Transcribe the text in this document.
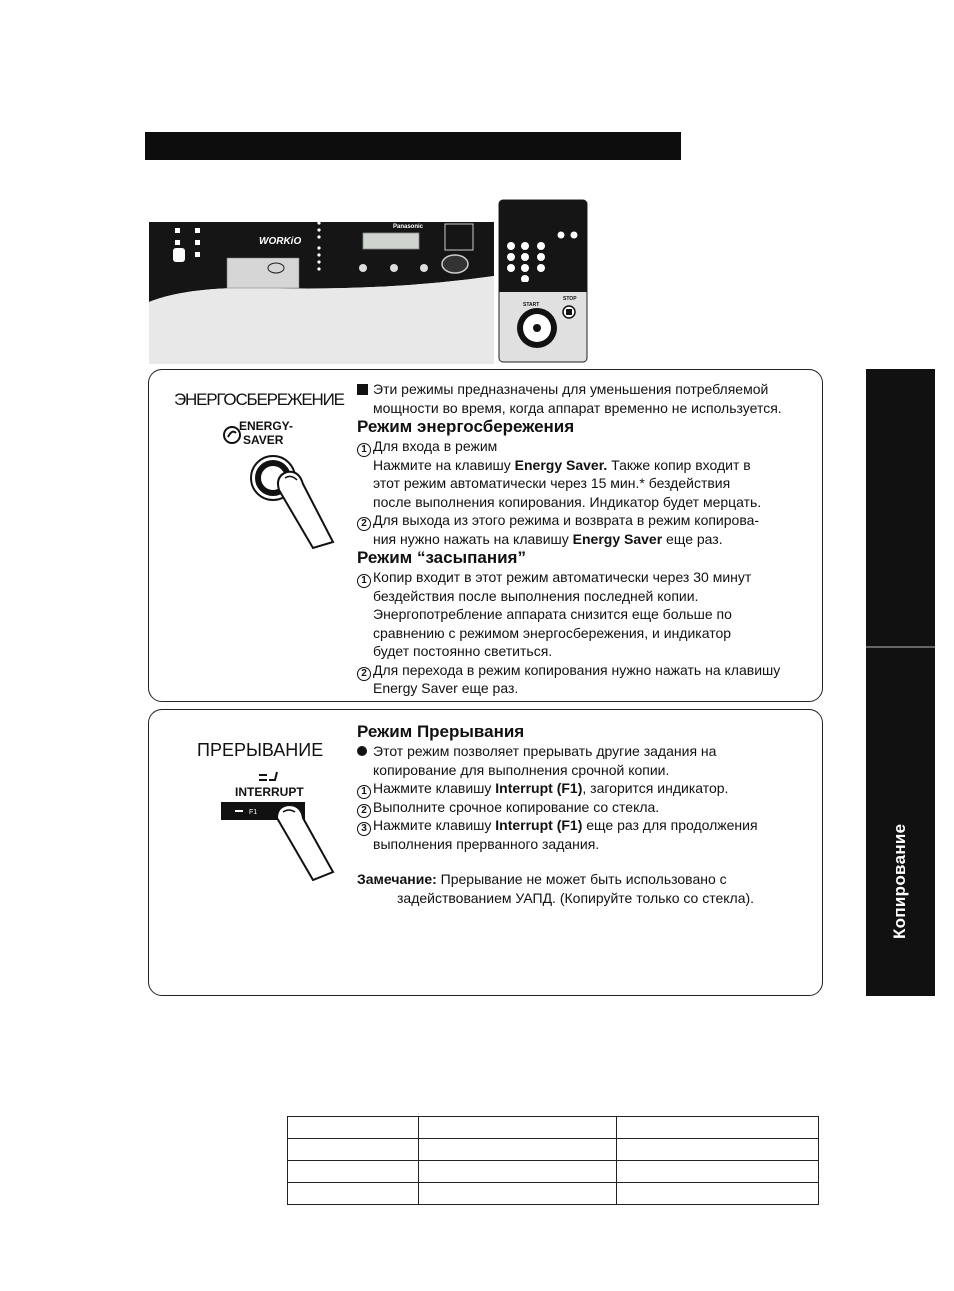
WORKiO
Panasonic
START
STOP
Копирование
ЭНЕРГОСБЕРЕЖЕНИЕ
ENERGY-
SAVER
Эти режимы предназначены для уменьшения потребляемой
мощности во время, когда аппарат временно не используется.
Режим энергосбережения
1 Для входа в режим
Нажмите на клавишу Energy Saver. Также копир входит в
этот режим автоматически через 15 мин.* бездействия
после выполнения копирования. Индикатор будет мерцать.
2 Для выхода из этого режима и возврата в режим копирова-
ния нужно нажать на клавишу Energy Saver еще раз.
Режим “засыпания”
1 Копир входит в этот режим автоматически через 30 минут
бездействия после выполнения последней копии.
Энергопотребление аппарата снизится еще больше по
сравнению с режимом энергосбережения, и индикатор
будет постоянно светиться.
2 Для перехода в режим копирования нужно нажать на клавишу
Energy Saver еще раз.
ПРЕРЫВАНИЕ
INTERRUPT
F1
Режим Прерывания
Этот режим позволяет прерывать другие задания на
копирование для выполнения срочной копии.
1 Нажмите клавишу Interrupt (F1), загорится индикатор.
2 Выполните срочное копирование со стекла.
3 Нажмите клавишу Interrupt (F1) еще раз для продолжения
выполнения прерванного задания.
Замечание: Прерывание не может быть использовано с
задействованием УАПД. (Копируйте только со стекла).
